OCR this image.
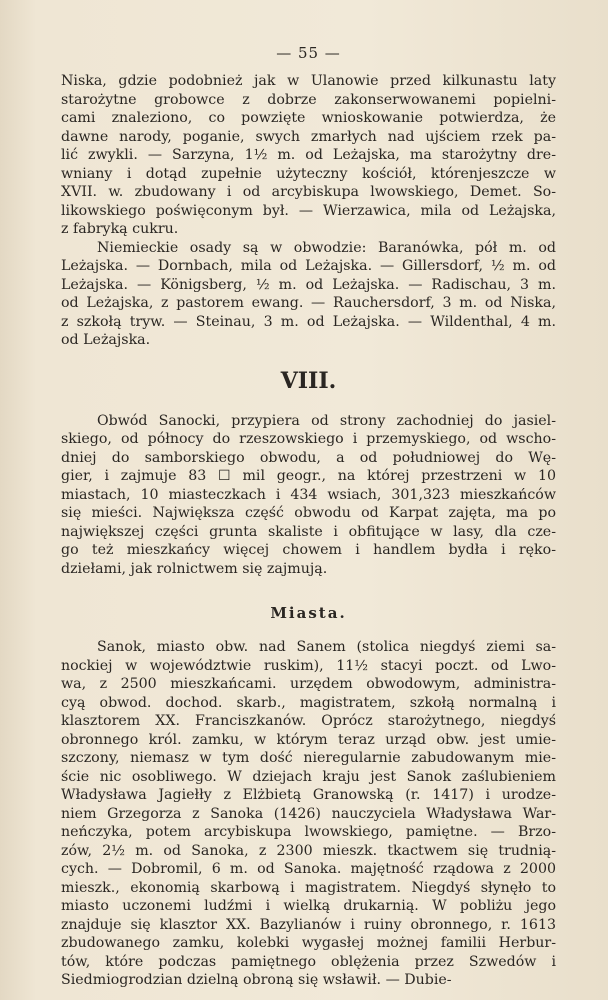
— 55 —
Niska, gdzie podobnież jak w Ulanowie przed kilkunastu laty
starożytne grobowce z dobrze zakonserwowanemi popielni-
cami znaleziono, co powzięte wnioskowanie potwierdza, że
dawne narody, poganie, swych zmarłych nad ujściem rzek pa-
lić zwykli. — Sarzyna, 1½ m. od Leżajska, ma starożytny dre-
wniany i dotąd zupełnie użyteczny kościół, którenjeszcze w
XVII. w. zbudowany i od arcybiskupa lwowskiego, Demet. So-
likowskiego poświęconym był. — Wierzawica, mila od Leżajska,
z fabryką cukru.
Niemieckie osady są w obwodzie: Baranówka, pół m. od
Leżajska. — Dornbach, mila od Leżajska. — Gillersdorf, ½ m. od
Leżajska. — Königsberg, ½ m. od Leżajska. — Radischau, 3 m.
od Leżajska, z pastorem ewang. — Rauchersdorf, 3 m. od Niska,
z szkołą tryw. — Steinau, 3 m. od Leżajska. — Wildenthal, 4 m.
od Leżajska.
VIII.
Obwód Sanocki, przypiera od strony zachodniej do jasiel-
skiego, od północy do rzeszowskiego i przemyskiego, od wscho-
dniej do samborskiego obwodu, a od południowej do Wę-
gier, i zajmuje 83 ☐ mil geogr., na której przestrzeni w 10
miastach, 10 miasteczkach i 434 wsiach, 301,323 mieszkańców
się mieści. Największa część obwodu od Karpat zajęta, ma po
największej części grunta skaliste i obfitujące w lasy, dla cze-
go też mieszkańcy więcej chowem i handlem bydła i ręko-
dziełami, jak rolnictwem się zajmują.
Miasta.
Sanok, miasto obw. nad Sanem (stolica niegdyś ziemi sa-
nockiej w województwie ruskim), 11½ stacyi poczt. od Lwo-
wa, z 2500 mieszkańcami. urzędem obwodowym, administra-
cyą obwod. dochod. skarb., magistratem, szkołą normalną i
klasztorem XX. Franciszkanów. Oprócz starożytnego, niegdyś
obronnego król. zamku, w którym teraz urząd obw. jest umie-
szczony, niemasz w tym dość nieregularnie zabudowanym mie-
ście nic osobliwego. W dziejach kraju jest Sanok zaślubieniem
Władysława Jagiełły z Elżbietą Granowską (r. 1417) i urodze-
niem Grzegorza z Sanoka (1426) nauczyciela Władysława War-
neńczyka, potem arcybiskupa lwowskiego, pamiętne. — Brzo-
zów, 2½ m. od Sanoka, z 2300 mieszk. tkactwem się trudnią-
cych. — Dobromil, 6 m. od Sanoka. majętność rządowa z 2000
mieszk., ekonomią skarbową i magistratem. Niegdyś słynęło to
miasto uczonemi ludźmi i wielką drukarnią. W pobliżu jego
znajduje się klasztor XX. Bazylianów i ruiny obronnego, r. 1613
zbudowanego zamku, kolebki wygasłej możnej familii Herbur-
tów, które podczas pamiętnego oblężenia przez Szwedów i
Siedmiogrodzian dzielną obroną się wsławił. — Dubie-
